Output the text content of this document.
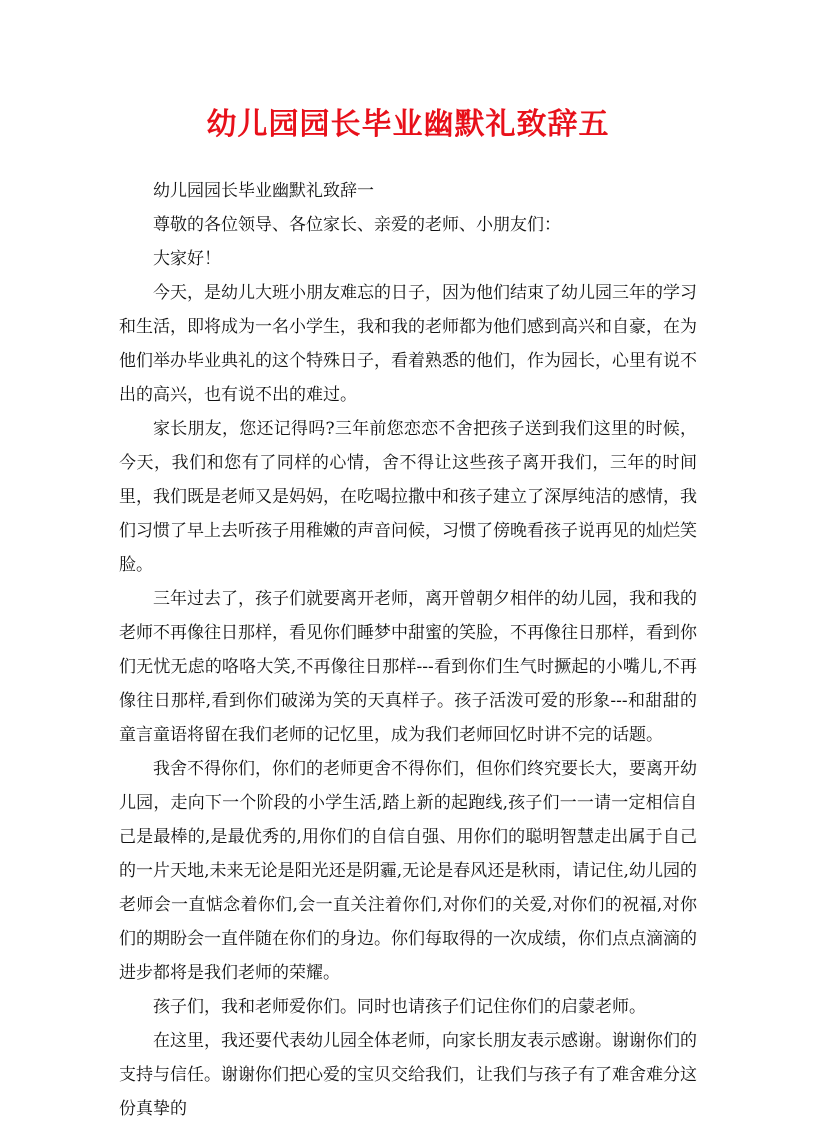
幼儿园园长毕业幽默礼致辞五

幼儿园园长毕业幽默礼致辞一

尊敬的各位领导、各位家长、亲爱的老师、小朋友们：

大家好！

今天，是幼儿大班小朋友难忘的日子，因为他们结束了幼儿园三年的学习和生活，即将成为一名小学生，我和我的老师都为他们感到高兴和自豪，在为他们举办毕业典礼的这个特殊日子，看着熟悉的他们，作为园长，心里有说不出的高兴，也有说不出的难过。

家长朋友，您还记得吗?三年前您恋恋不舍把孩子送到我们这里的时候，今天，我们和您有了同样的心情，舍不得让这些孩子离开我们，三年的时间里，我们既是老师又是妈妈，在吃喝拉撒中和孩子建立了深厚纯洁的感情，我们习惯了早上去听孩子用稚嫩的声音问候，习惯了傍晚看孩子说再见的灿烂笑脸。

三年过去了，孩子们就要离开老师，离开曾朝夕相伴的幼儿园，我和我的老师不再像往日那样，看见你们睡梦中甜蜜的笑脸，不再像往日那样，看到你们无忧无虑的咯咯大笑,不再像往日那样---看到你们生气时撅起的小嘴儿,不再像往日那样,看到你们破涕为笑的天真样子。孩子活泼可爱的形象---和甜甜的童言童语将留在我们老师的记忆里，成为我们老师回忆时讲不完的话题。

我舍不得你们，你们的老师更舍不得你们，但你们终究要长大，要离开幼儿园，走向下一个阶段的小学生活,踏上新的起跑线,孩子们一一请一定相信自己是最棒的,是最优秀的,用你们的自信自强、用你们的聪明智慧走出属于自己的一片天地,未来无论是阳光还是阴霾,无论是春风还是秋雨，请记住,幼儿园的老师会一直惦念着你们,会一直关注着你们,对你们的关爱,对你们的祝福,对你们的期盼会一直伴随在你们的身边。你们每取得的一次成绩，你们点点滴滴的进步都将是我们老师的荣耀。

孩子们，我和老师爱你们。同时也请孩子们记住你们的启蒙老师。

在这里，我还要代表幼儿园全体老师，向家长朋友表示感谢。谢谢你们的支持与信任。谢谢你们把心爱的宝贝交给我们，让我们与孩子有了难舍难分这份真挚的
